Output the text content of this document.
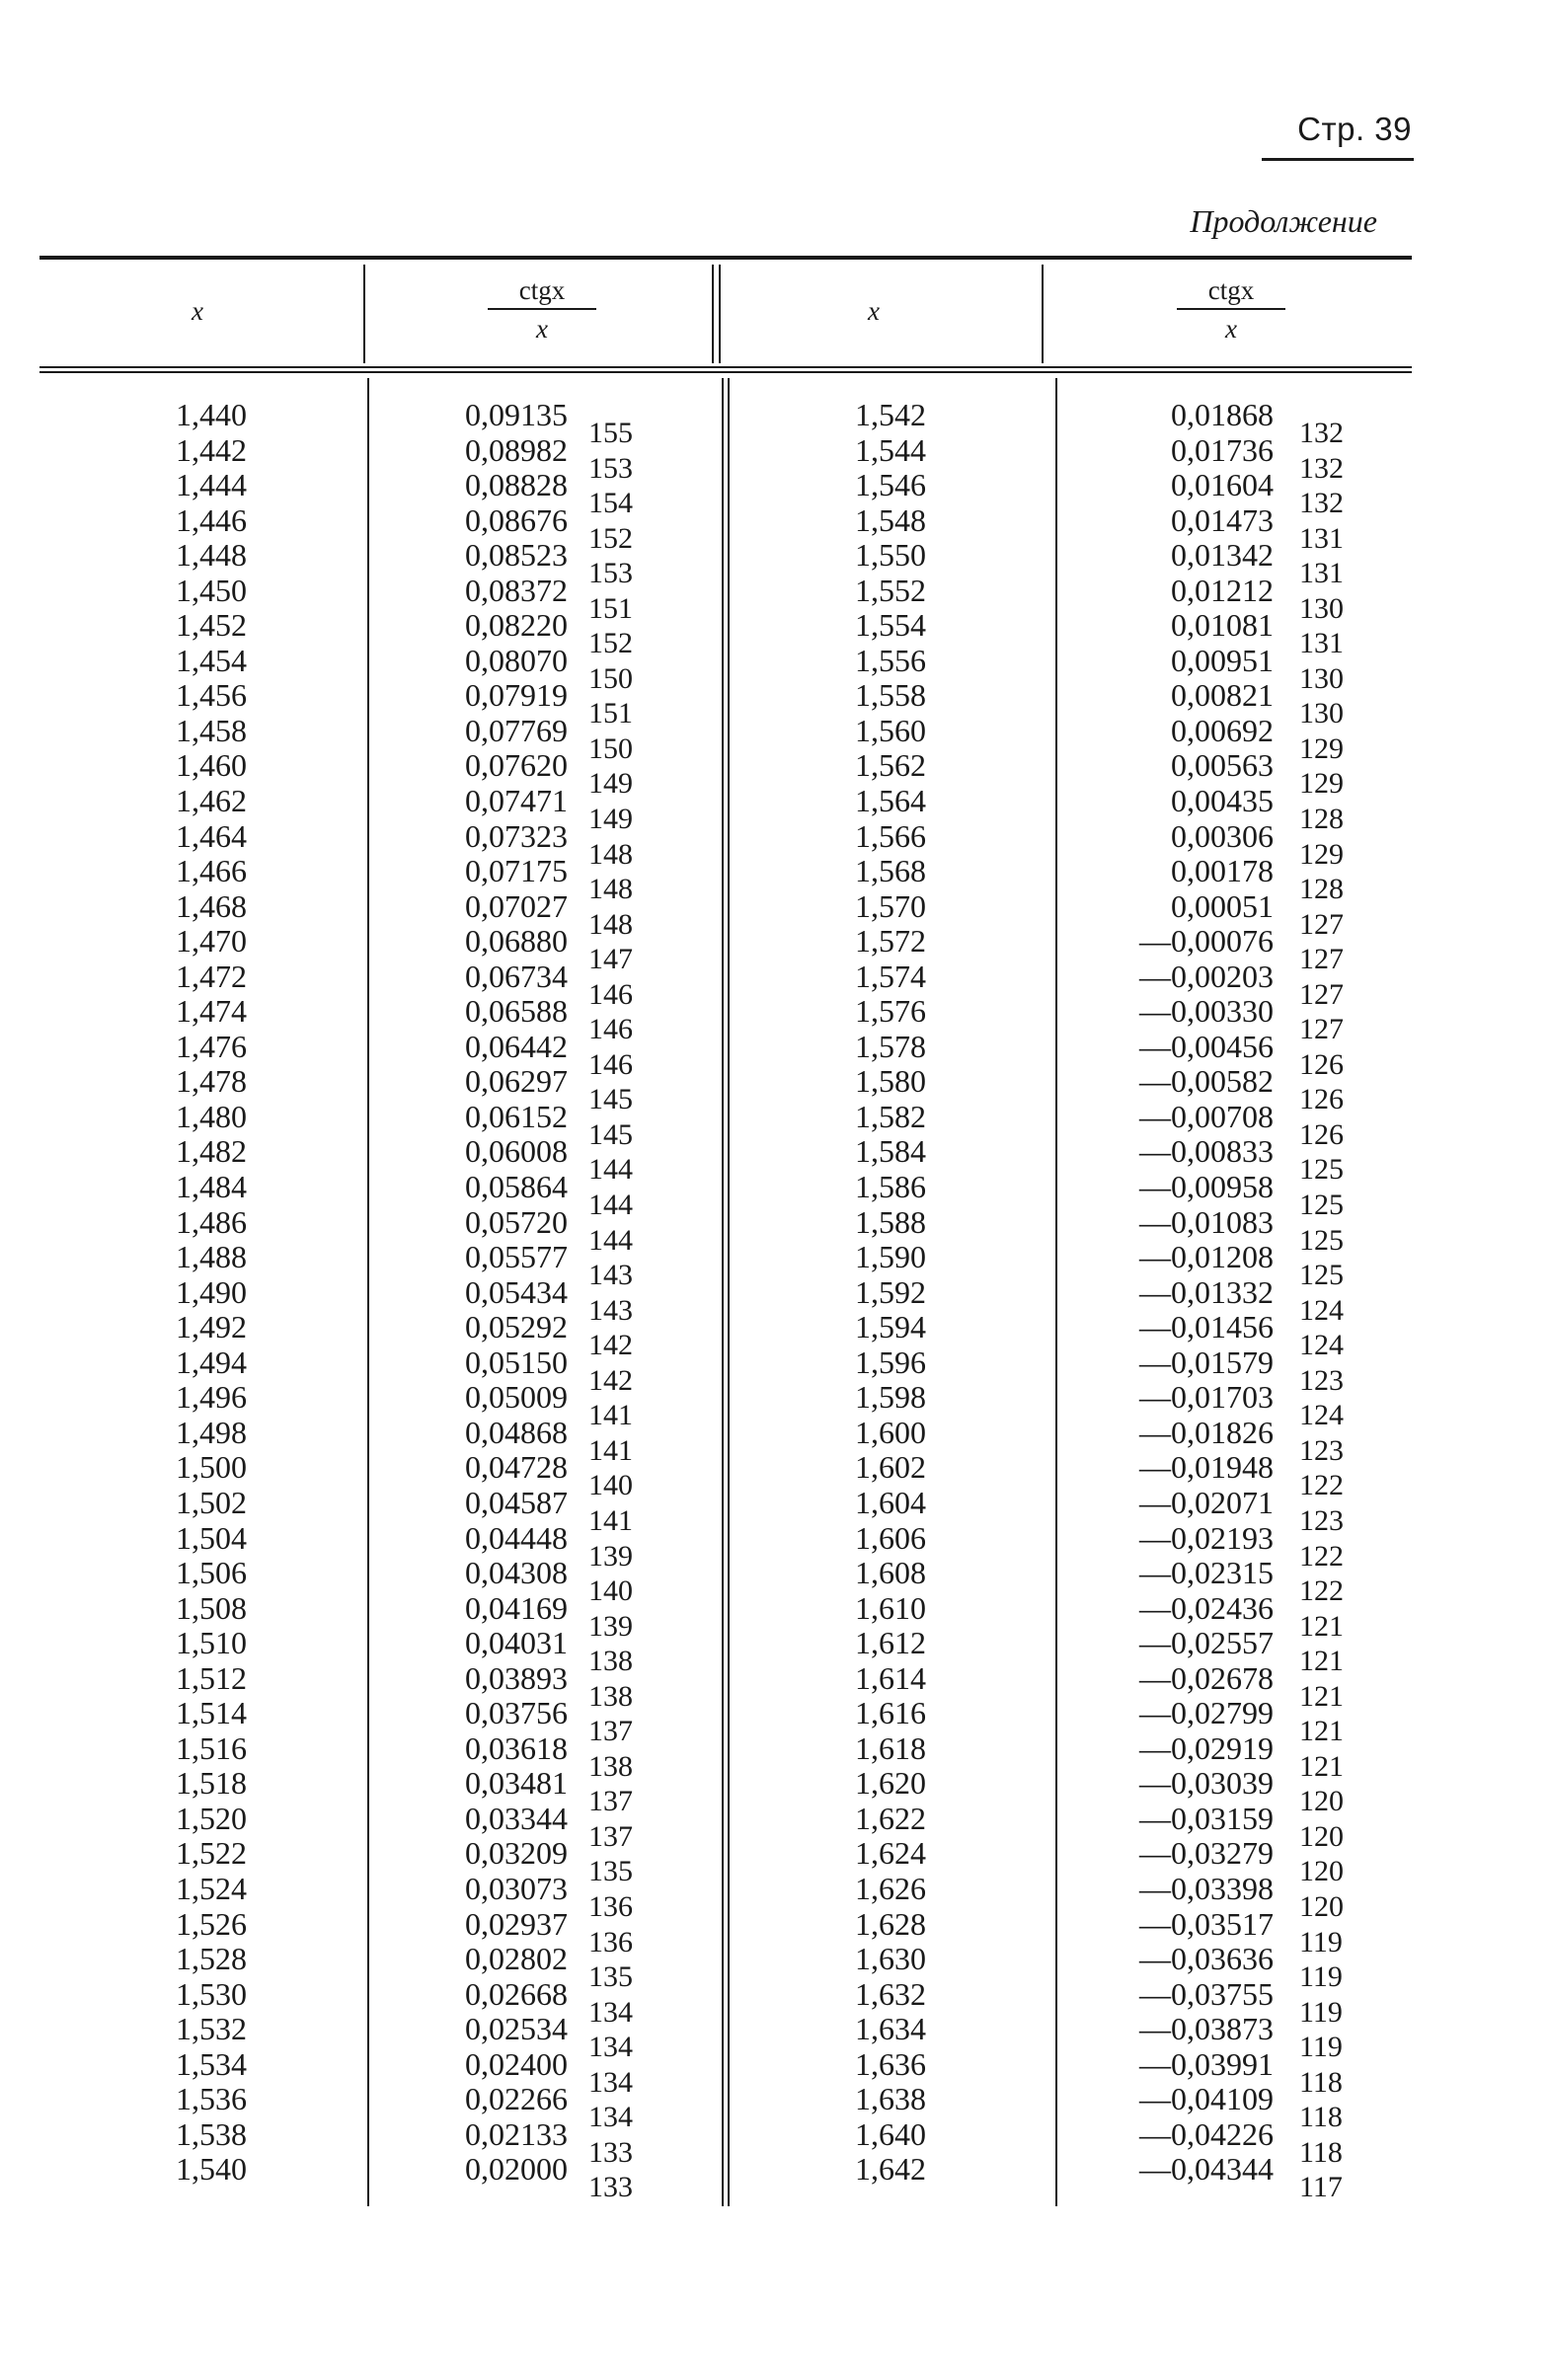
Стр. 39
Продолжение
x
ctgx
x
x
ctgx
x
1,440
1,442
1,444
1,446
1,448
1,450
1,452
1,454
1,456
1,458
1,460
1,462
1,464
1,466
1,468
1,470
1,472
1,474
1,476
1,478
1,480
1,482
1,484
1,486
1,488
1,490
1,492
1,494
1,496
1,498
1,500
1,502
1,504
1,506
1,508
1,510
1,512
1,514
1,516
1,518
1,520
1,522
1,524
1,526
1,528
1,530
1,532
1,534
1,536
1,538
1,540
0,09135
0,08982
0,08828
0,08676
0,08523
0,08372
0,08220
0,08070
0,07919
0,07769
0,07620
0,07471
0,07323
0,07175
0,07027
0,06880
0,06734
0,06588
0,06442
0,06297
0,06152
0,06008
0,05864
0,05720
0,05577
0,05434
0,05292
0,05150
0,05009
0,04868
0,04728
0,04587
0,04448
0,04308
0,04169
0,04031
0,03893
0,03756
0,03618
0,03481
0,03344
0,03209
0,03073
0,02937
0,02802
0,02668
0,02534
0,02400
0,02266
0,02133
0,02000
155
153
154
152
153
151
152
150
151
150
149
149
148
148
148
147
146
146
146
145
145
144
144
144
143
143
142
142
141
141
140
141
139
140
139
138
138
137
138
137
137
135
136
136
135
134
134
134
134
133
133
1,542
1,544
1,546
1,548
1,550
1,552
1,554
1,556
1,558
1,560
1,562
1,564
1,566
1,568
1,570
1,572
1,574
1,576
1,578
1,580
1,582
1,584
1,586
1,588
1,590
1,592
1,594
1,596
1,598
1,600
1,602
1,604
1,606
1,608
1,610
1,612
1,614
1,616
1,618
1,620
1,622
1,624
1,626
1,628
1,630
1,632
1,634
1,636
1,638
1,640
1,642
0,01868
0,01736
0,01604
0,01473
0,01342
0,01212
0,01081
0,00951
0,00821
0,00692
0,00563
0,00435
0,00306
0,00178
0,00051
—0,00076
—0,00203
—0,00330
—0,00456
—0,00582
—0,00708
—0,00833
—0,00958
—0,01083
—0,01208
—0,01332
—0,01456
—0,01579
—0,01703
—0,01826
—0,01948
—0,02071
—0,02193
—0,02315
—0,02436
—0,02557
—0,02678
—0,02799
—0,02919
—0,03039
—0,03159
—0,03279
—0,03398
—0,03517
—0,03636
—0,03755
—0,03873
—0,03991
—0,04109
—0,04226
—0,04344
132
132
132
131
131
130
131
130
130
129
129
128
129
128
127
127
127
127
126
126
126
125
125
125
125
124
124
123
124
123
122
123
122
122
121
121
121
121
121
120
120
120
120
119
119
119
119
118
118
118
117
